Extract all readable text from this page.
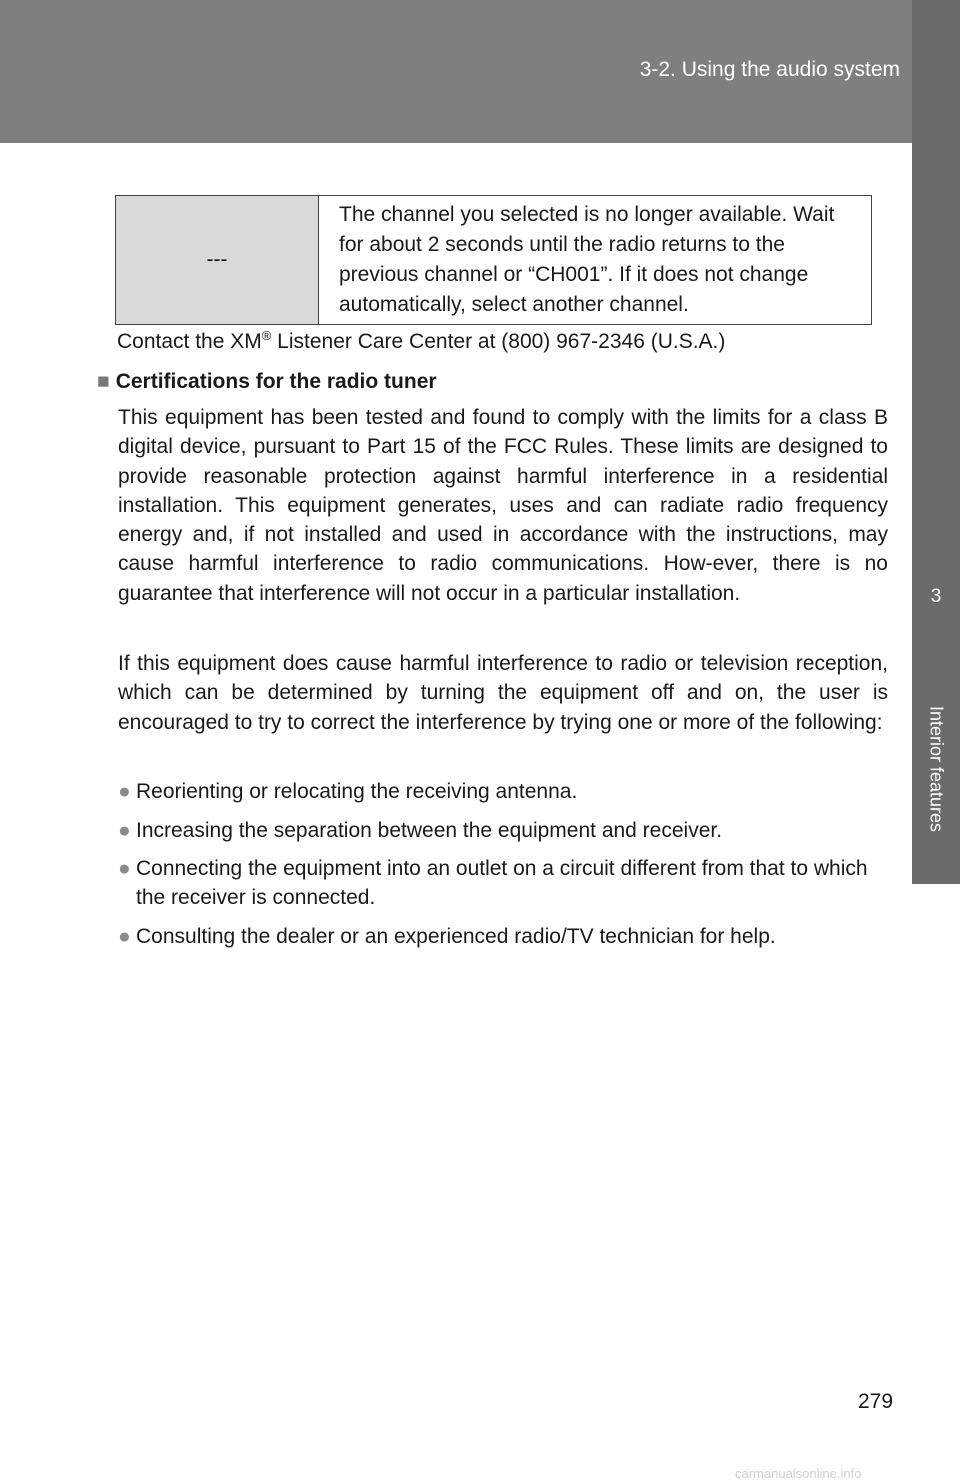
3-2. Using the audio system
3
Interior features
---
The channel you selected is no longer available. Wait for about 2 seconds until the radio returns to the previous channel or “CH001”. If it does not change automatically, select another channel.
Contact the XM® Listener Care Center at (800) 967-2346 (U.S.A.)
■ Certifications for the radio tuner
This equipment has been tested and found to comply with the limits for a class B digital device, pursuant to Part 15 of the FCC Rules. These limits are designed to provide reasonable protection against harmful interference in a residential installation. This equipment generates, uses and can radiate radio frequency energy and, if not installed and used in accordance with the instructions, may cause harmful interference to radio communications. How-ever, there is no guarantee that interference will not occur in a particular installation.
If this equipment does cause harmful interference to radio or television reception, which can be determined by turning the equipment off and on, the user is encouraged to try to correct the interference by trying one or more of the following:
● Reorienting or relocating the receiving antenna.
● Increasing the separation between the equipment and receiver.
● Connecting the equipment into an outlet on a circuit different from that to which the receiver is connected.
● Consulting the dealer or an experienced radio/TV technician for help.
279
carmanualsonline.info
